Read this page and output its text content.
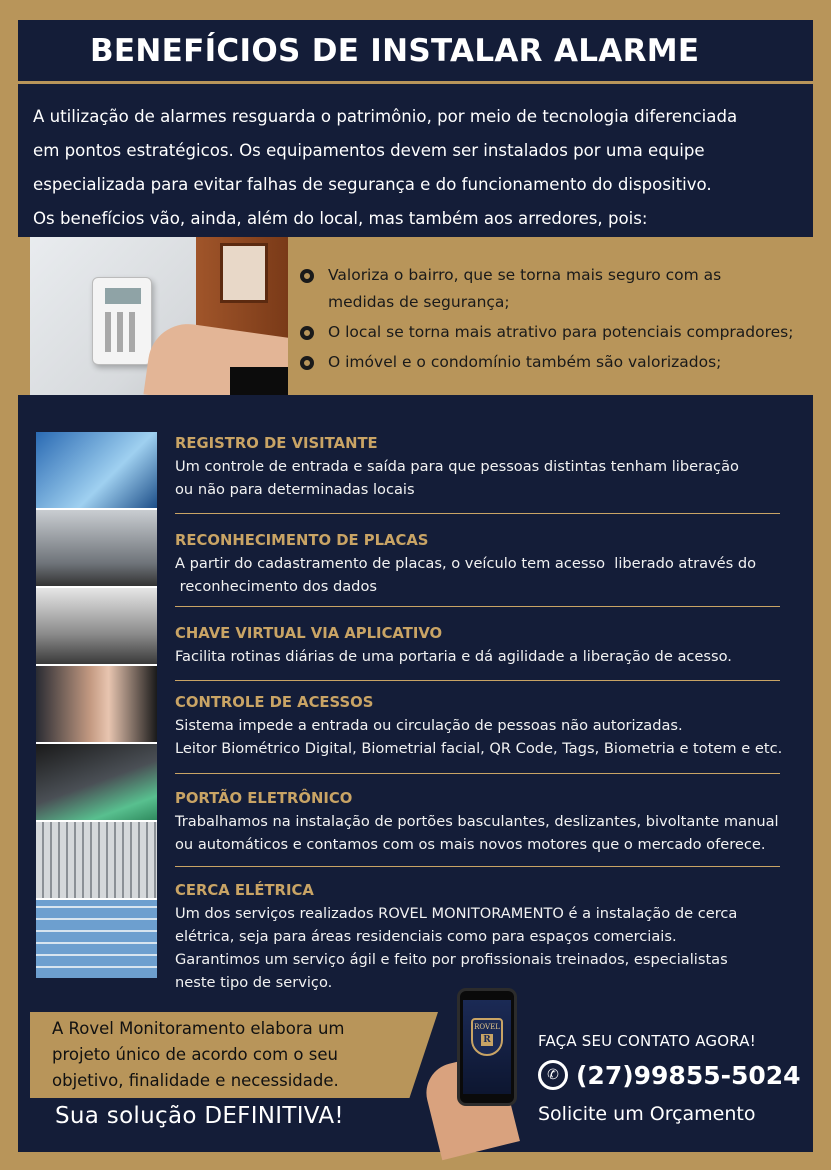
BENEFÍCIOS DE INSTALAR ALARME
A utilização de alarmes resguarda o patrimônio, por meio de tecnologia diferenciada
em pontos estratégicos. Os equipamentos devem ser instalados por uma equipe
especializada para evitar falhas de segurança e do funcionamento do dispositivo.
Os benefícios vão, ainda, além do local, mas também aos arredores, pois:
Valoriza o bairro, que se torna mais seguro com as
medidas de segurança;
O local se torna mais atrativo para potenciais compradores;
O imóvel e o condomínio também são valorizados;
REGISTRO DE VISITANTE
Um controle de entrada e saída para que pessoas distintas tenham liberação
ou não para determinadas locais
RECONHECIMENTO DE PLACAS
A partir do cadastramento de placas, o veículo tem acesso  liberado através do
reconhecimento dos dados
CHAVE VIRTUAL VIA APLICATIVO
Facilita rotinas diárias de uma portaria e dá agilidade a liberação de acesso.
CONTROLE DE ACESSOS
Sistema impede a entrada ou circulação de pessoas não autorizadas.
Leitor Biométrico Digital, Biometrial facial, QR Code, Tags, Biometria e totem e etc.
PORTÃO ELETRÔNICO
Trabalhamos na instalação de portões basculantes, deslizantes, bivoltante manual
ou automáticos e contamos com os mais novos motores que o mercado oferece.
CERCA ELÉTRICA
Um dos serviços realizados ROVEL MONITORAMENTO é a instalação de cerca
elétrica, seja para áreas residenciais como para espaços comerciais.
Garantimos um serviço ágil e feito por profissionais treinados, especialistas
neste tipo de serviço.
A Rovel Monitoramento elabora um
projeto único de acordo com o seu
objetivo, finalidade e necessidade.
Sua solução DEFINITIVA!
ROVEL
R	FAÇA SEU CONTATO AGORA!
✆ (27)99855-5024
Solicite um Orçamento
